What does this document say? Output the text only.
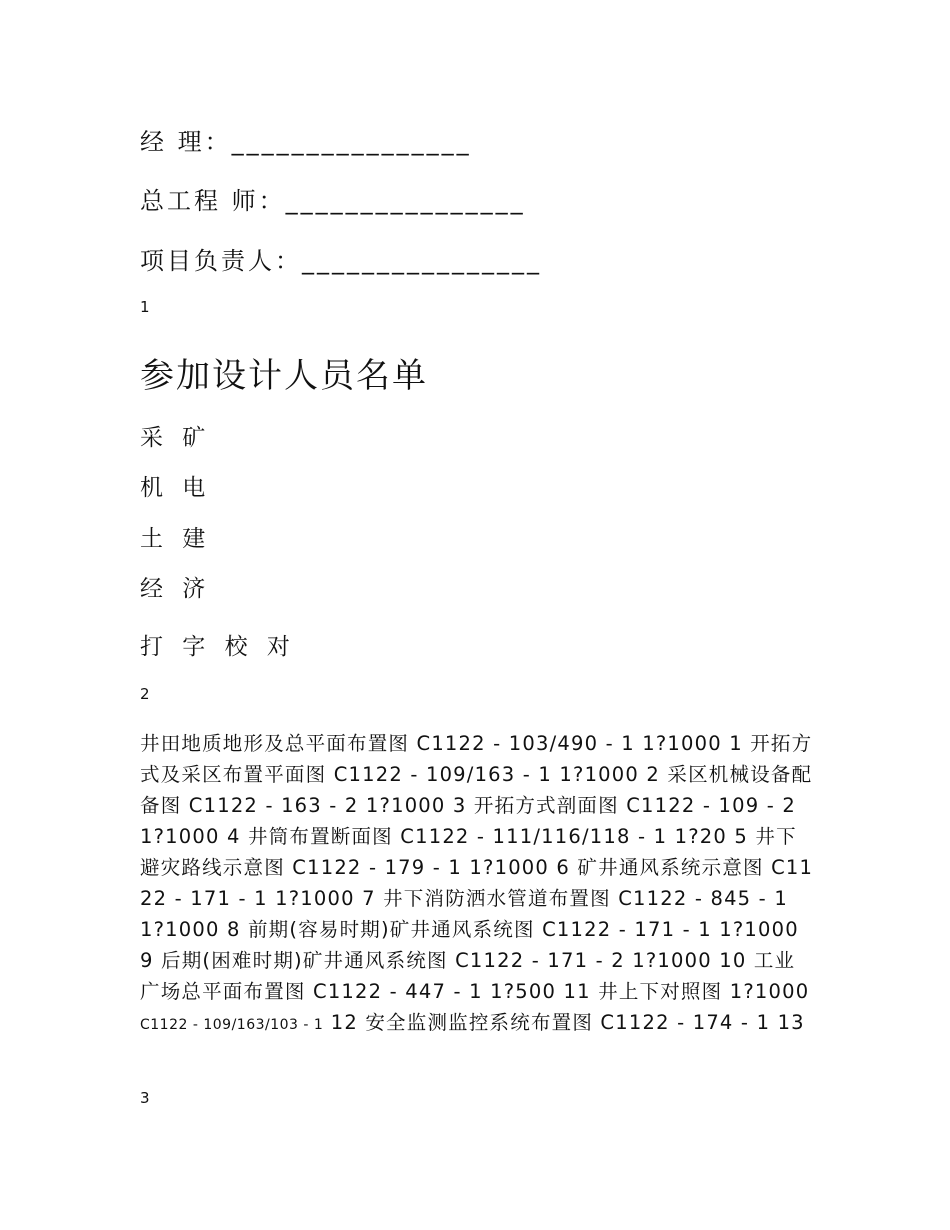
经 理：________________
总工程 师：________________
项目负责人：________________
1
参加设计人员名单
采 矿
机 电
土 建
经 济
打 字 校 对
2
井田地质地形及总平面布置图 C1122 - 103/490 - 1 1?1000 1 开拓方式及采区布置平面图 C1122 - 109/163 - 1 1?1000 2 采区机械设备配备图 C1122 - 163 - 2 1?1000 3 开拓方式剖面图 C1122 - 109 - 2 1?1000 4 井筒布置断面图 C1122 - 111/116/118 - 1 1?20 5 井下避灾路线示意图 C1122 - 179 - 1 1?1000 6 矿井通风系统示意图 C1122 - 171 - 1 1?1000 7 井下消防洒水管道布置图 C1122 - 845 - 1 1?1000 8 前期(容易时期)矿井通风系统图 C1122 - 171 - 1 1?1000 9 后期(困难时期)矿井通风系统图 C1122 - 171 - 2 1?1000 10 工业广场总平面布置图 C1122 - 447 - 1 1?500 11 井上下对照图 1?1000 C1122 - 109/163/103 - 1 12 安全监测监控系统布置图 C1122 - 174 - 1 13
3
